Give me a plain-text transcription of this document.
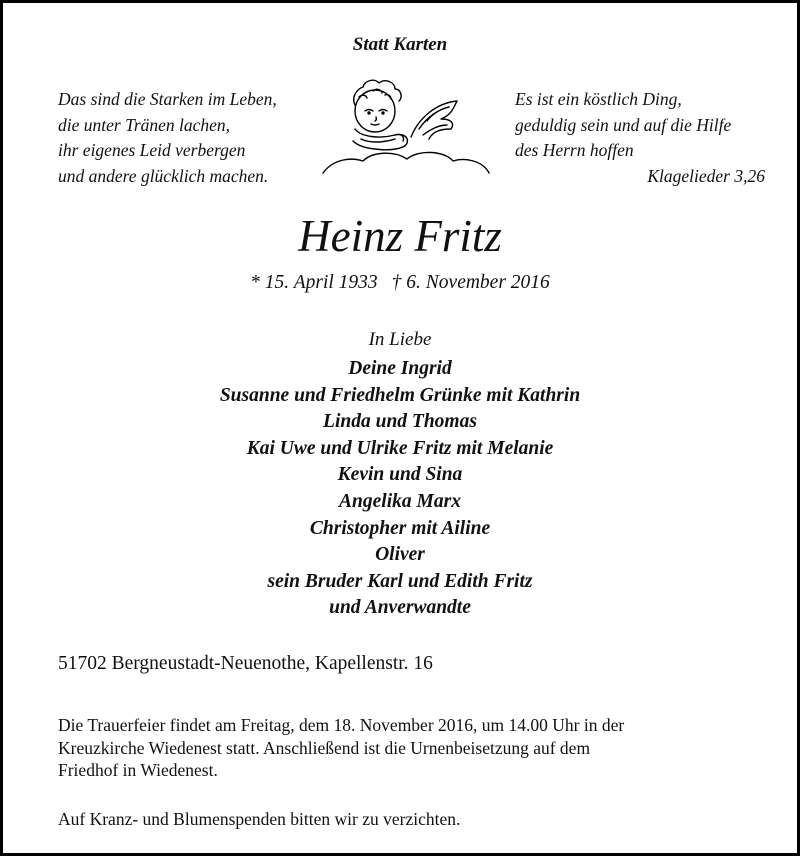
Statt Karten
Das sind die Starken im Leben,
die unter Tränen lachen,
ihr eigenes Leid verbergen
und andere glücklich machen.
Es ist ein köstlich Ding,
geduldig sein und auf die Hilfe
des Herrn hoffen
Klagelieder 3,26
Heinz Fritz
* 15. April 1933 † 6. November 2016
In Liebe
Deine Ingrid
Susanne und Friedhelm Grünke mit Kathrin
Linda und Thomas
Kai Uwe und Ulrike Fritz mit Melanie
Kevin und Sina
Angelika Marx
Christopher mit Ailine
Oliver
sein Bruder Karl und Edith Fritz
und Anverwandte
51702 Bergneustadt-Neuenothe, Kapellenstr. 16
Die Trauerfeier findet am Freitag, dem 18. November 2016, um 14.00 Uhr in der
Kreuzkirche Wiedenest statt. Anschließend ist die Urnenbeisetzung auf dem
Friedhof in Wiedenest.
Auf Kranz- und Blumenspenden bitten wir zu verzichten.
